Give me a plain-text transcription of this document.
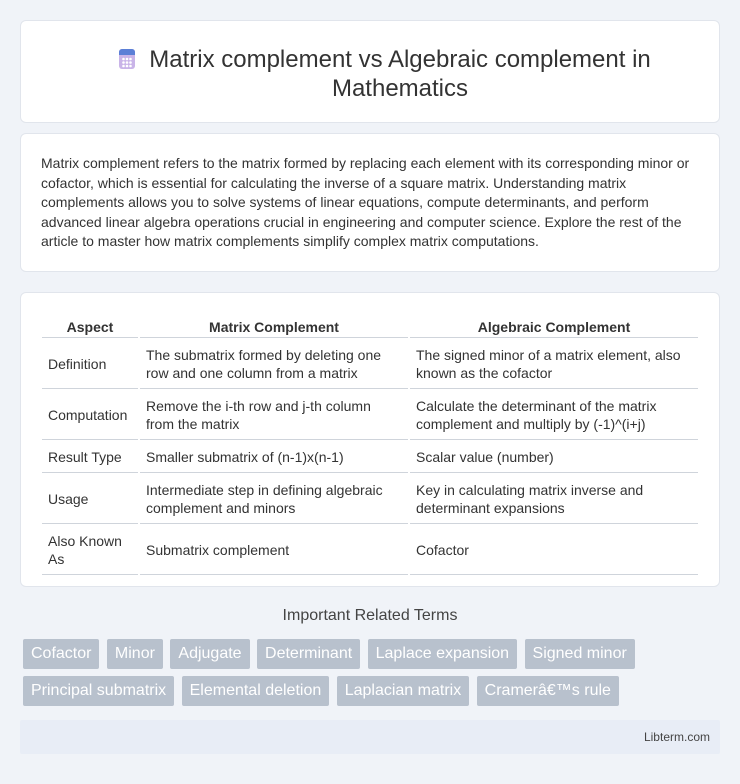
Matrix complement vs Algebraic complement in Mathematics

Matrix complement refers to the matrix formed by replacing each element with its corresponding minor or cofactor, which is essential for calculating the inverse of a square matrix. Understanding matrix complements allows you to solve systems of linear equations, compute determinants, and perform advanced linear algebra operations crucial in engineering and computer science. Explore the rest of the article to master how matrix complements simplify complex matrix computations.

Aspect	Matrix Complement	Algebraic Complement
Definition	The submatrix formed by deleting one row and one column from a matrix	The signed minor of a matrix element, also known as the cofactor
Computation	Remove the i-th row and j-th column from the matrix	Calculate the determinant of the matrix complement and multiply by (-1)^(i+j)
Result Type	Smaller submatrix of (n-1)x(n-1)	Scalar value (number)
Usage	Intermediate step in defining algebraic complement and minors	Key in calculating matrix inverse and determinant expansions
Also Known As	Submatrix complement	Cofactor
Important Related Terms
Cofactor Minor Adjugate Determinant Laplace expansion Signed minor Principal submatrix Elemental deletion Laplacian matrix Cramerâ€™s rule
Libterm.com
